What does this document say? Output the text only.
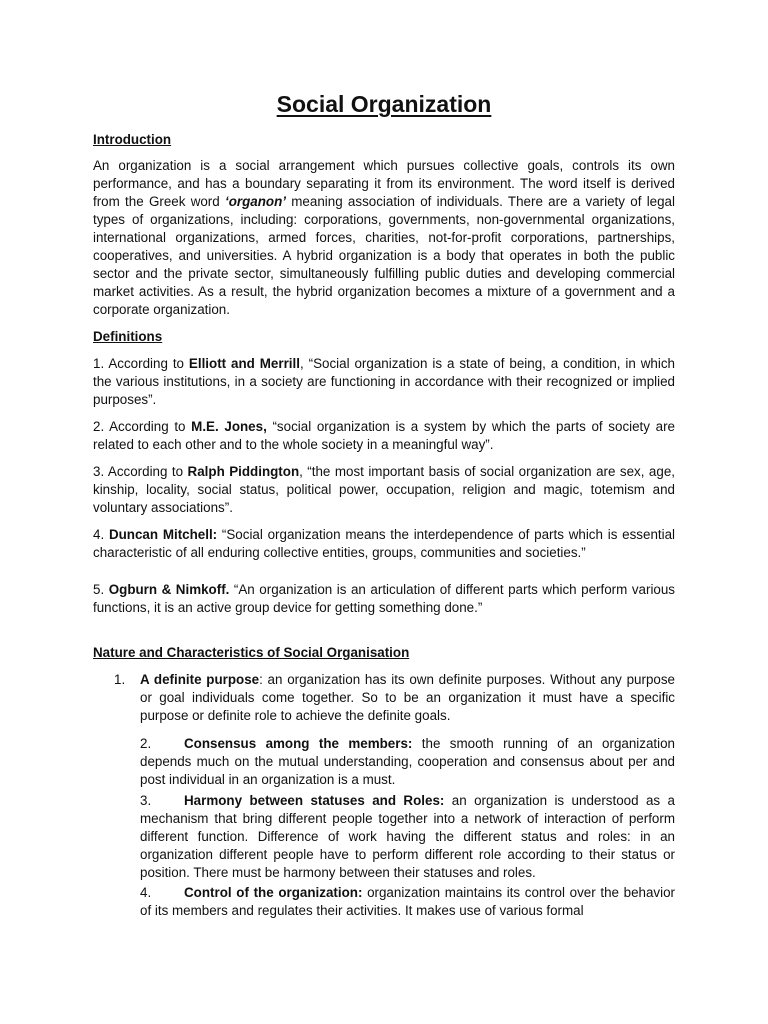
Social Organization
Introduction

An organization is a social arrangement which pursues collective goals, controls its own performance, and has a boundary separating it from its environment. The word itself is derived from the Greek word ‘organon’ meaning association of individuals. There are a variety of legal types of organizations, including: corporations, governments, non-governmental organizations, international organizations, armed forces, charities, not-for-profit corporations, partnerships, cooperatives, and universities. A hybrid organization is a body that operates in both the public sector and the private sector, simultaneously fulfilling public duties and developing commercial market activities. As a result, the hybrid organization becomes a mixture of a government and a corporate organization.

Definitions

1. According to Elliott and Merrill, “Social organization is a state of being, a condition, in which the various institutions, in a society are functioning in accordance with their recognized or implied purposes”.

2. According to M.E. Jones, “social organization is a system by which the parts of society are related to each other and to the whole society in a meaningful way”.

3. According to Ralph Piddington, “the most important basis of social organization are sex, age, kinship, locality, social status, political power, occupation, religion and magic, totemism and voluntary associations”.

4. Duncan Mitchell: “Social organization means the interdependence of parts which is essential characteristic of all enduring collective entities, groups, communities and societies.”

5. Ogburn & Nimkoff. “An organization is an articulation of different parts which perform various functions, it is an active group device for getting something done.”

Nature and Characteristics of Social Organisation
1. A definite purpose: an organization has its own definite purposes. Without any purpose or goal individuals come together. So to be an organization it must have a specific purpose or definite role to achieve the definite goals.

2. Consensus among the members: the smooth running of an organization depends much on the mutual understanding, cooperation and consensus about per and post individual in an organization is a must.

3. Harmony between statuses and Roles: an organization is understood as a mechanism that bring different people together into a network of interaction of perform different function. Difference of work having the different status and roles: in an organization different people have to perform different role according to their status or position. There must be harmony between their statuses and roles.

4. Control of the organization: organization maintains its control over the behavior of its members and regulates their activities. It makes use of various formal
